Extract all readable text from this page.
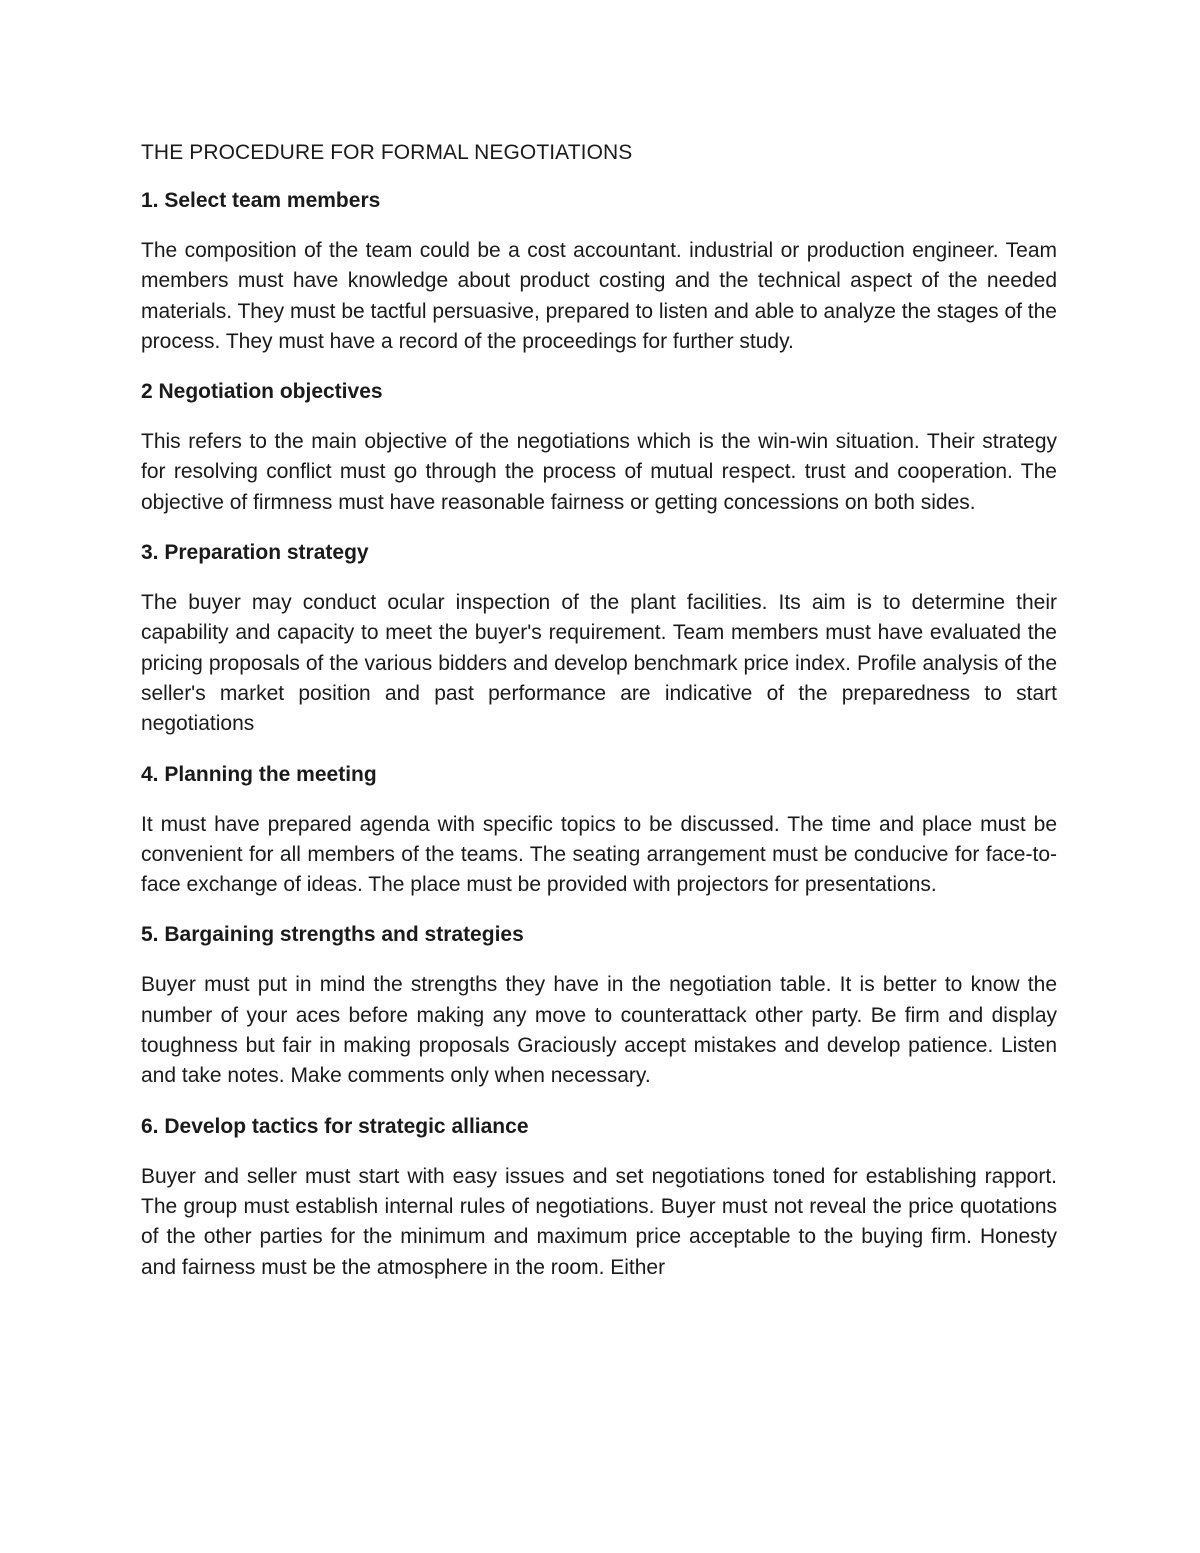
THE PROCEDURE FOR FORMAL NEGOTIATIONS
1. Select team members
The composition of the team could be a cost accountant. industrial or production engineer. Team members must have knowledge about product costing and the technical aspect of the needed materials. They must be tactful persuasive, prepared to listen and able to analyze the stages of the process. They must have a record of the proceedings for further study.
2 Negotiation objectives
This refers to the main objective of the negotiations which is the win-win situation. Their strategy for resolving conflict must go through the process of mutual respect. trust and cooperation. The objective of firmness must have reasonable fairness or getting concessions on both sides.
3. Preparation strategy
The buyer may conduct ocular inspection of the plant facilities. Its aim is to determine their capability and capacity to meet the buyer's requirement. Team members must have evaluated the pricing proposals of the various bidders and develop benchmark price index. Profile analysis of the seller's market position and past performance are indicative of the preparedness to start negotiations
4. Planning the meeting
It must have prepared agenda with specific topics to be discussed. The time and place must be convenient for all members of the teams. The seating arrangement must be conducive for face-to-face exchange of ideas. The place must be provided with projectors for presentations.
5. Bargaining strengths and strategies
Buyer must put in mind the strengths they have in the negotiation table. It is better to know the number of your aces before making any move to counterattack other party. Be firm and display toughness but fair in making proposals Graciously accept mistakes and develop patience. Listen and take notes. Make comments only when necessary.
6. Develop tactics for strategic alliance
Buyer and seller must start with easy issues and set negotiations toned for establishing rapport. The group must establish internal rules of negotiations. Buyer must not reveal the price quotations of the other parties for the minimum and maximum price acceptable to the buying firm. Honesty and fairness must be the atmosphere in the room. Either
